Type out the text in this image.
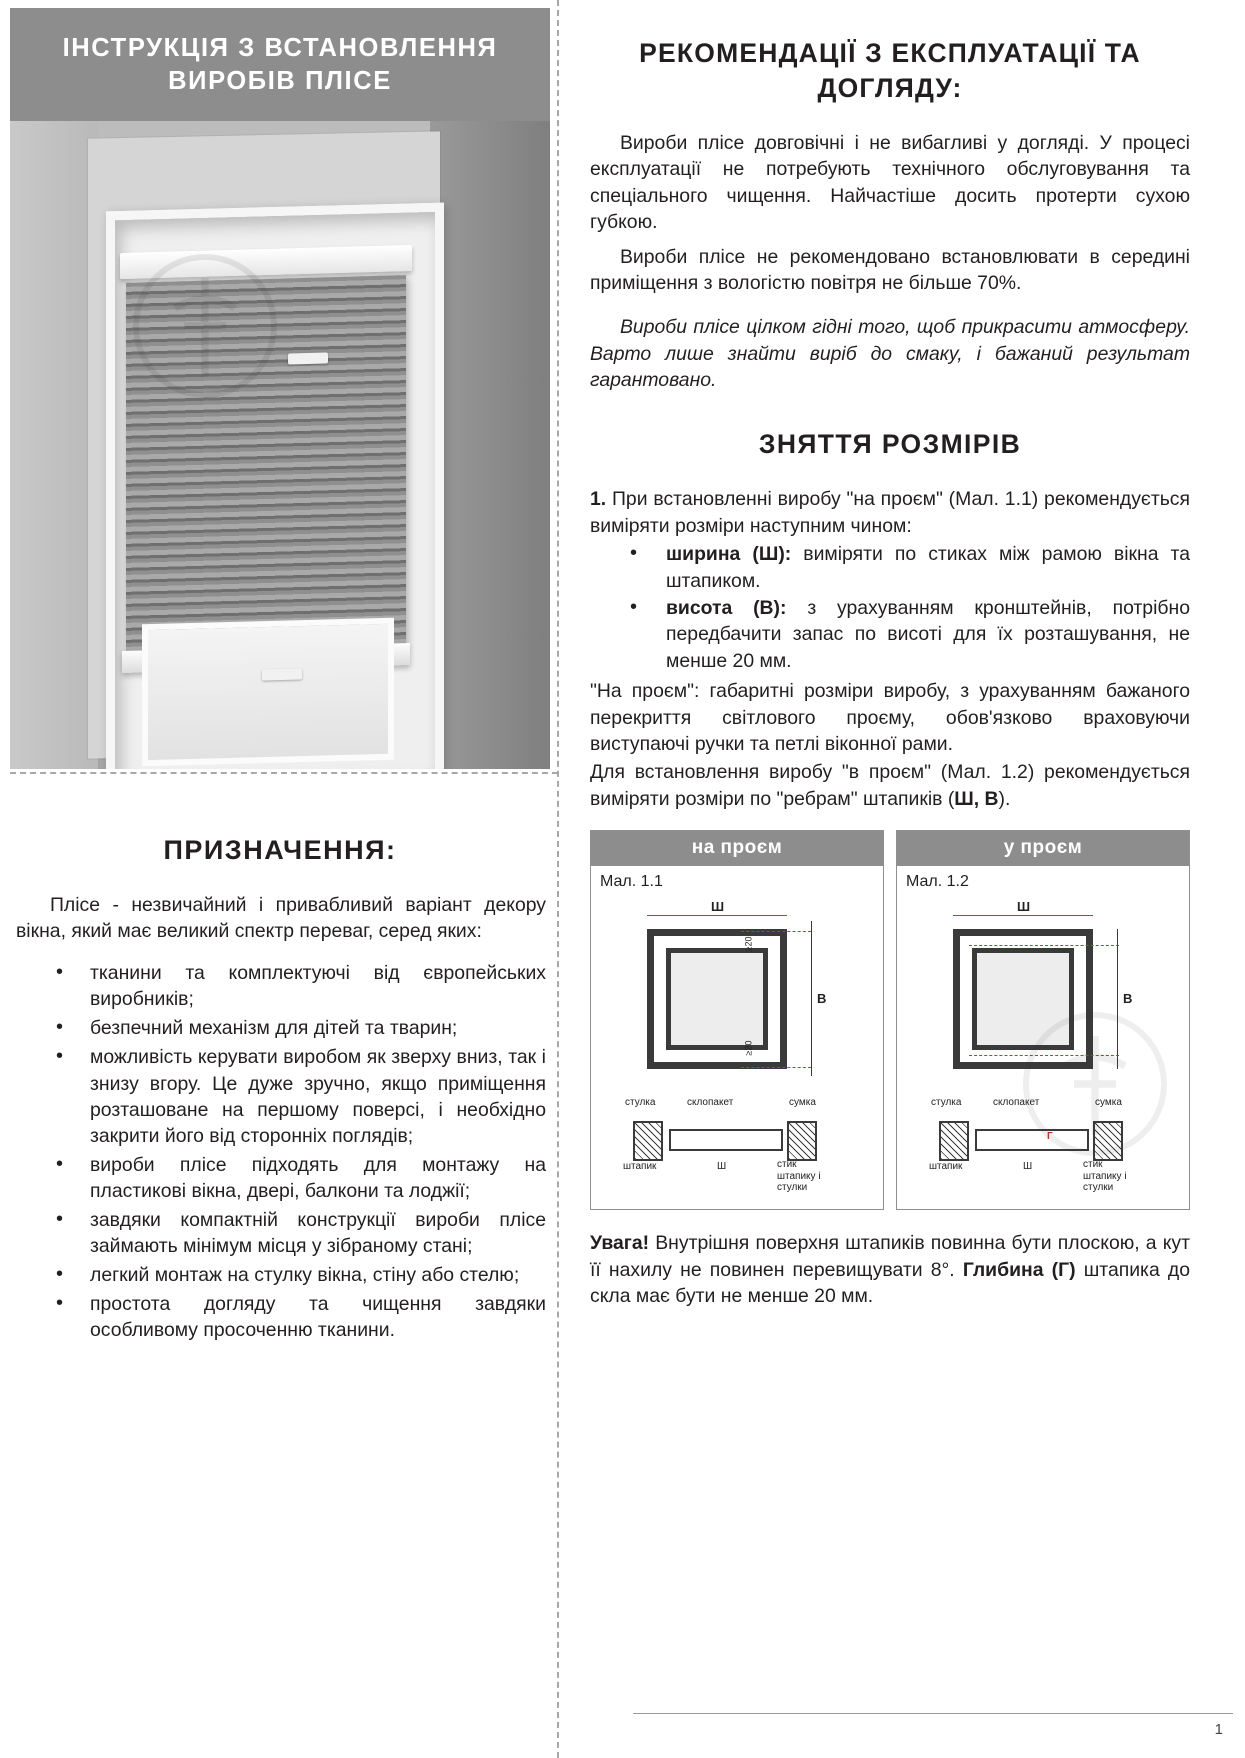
ІНСТРУКЦІЯ З ВСТАНОВЛЕННЯ ВИРОБІВ ПЛІCЕ
ПРИЗНАЧЕННЯ:
Пліcе - незвичайний і привабливий варіант декору вікна, який має великий спектр переваг, серед яких:
• тканини та комплектуючі від європейських виробників;
• безпечний механізм для дітей та тварин;
• можливість керувати виробом як зверху вниз, так і знизу вгору. Це дуже зручно, якщо приміщення розташоване на першому поверсі, і необхідно закрити його від сторонніх поглядів;
• вироби пліcе підходять для монтажу на пластикові вікна, двері, балкони та лоджії;
• завдяки компактній конструкції вироби пліcе займають мінімум місця у зібраному стані;
• легкий монтаж на стулку вікна, стіну або стелю;
• простота догляду та чищення завдяки особливому просоченню тканини.
РЕКОМЕНДАЦІЇ З ЕКСПЛУАТАЦІЇ ТА ДОГЛЯДУ:
Вироби пліcе довговічні і не вибагливі у догляді. У процесі експлуатації не потребують технічного обслуговування та спеціального чищення. Найчастіше досить протерти сухою губкою.
Вироби пліcе не рекомендовано встановлювати в середині приміщення з вологістю повітря не більше 70%.
Вироби пліcе цілком гідні того, щоб прикрасити атмосферу. Варто лише знайти виріб до смаку, і бажаний результат гарантовано.
ЗНЯТТЯ РОЗМІРІВ
1. При встановленні виробу "на проєм" (Мал. 1.1) рекомендується виміряти розміри наступним чином:
• ширина (Ш): виміряти по стиках між рамою вікна та штапиком.
• висота (В): з урахуванням кронштейнів, потрібно передбачити запас по висоті для їх розташування, не менше 20 мм.
"На проєм": габаритні розміри виробу, з урахуванням бажаного перекриття світлового проєму, обов'язково враховуючи виступаючі ручки та петлі віконної рами.
Для встановлення виробу "в проєм" (Мал. 1.2) рекомендується виміряти розміри по "ребрам" штапиків (Ш, В).
на проєм
Мал. 1.1
Ш
В
≥20
≥20
стулка	склопакет	сумка
штапик	Ш	стик штапику і стулки
у проєм
Мал. 1.2
Ш
В
стулка	склопакет	сумка
штапик	Ш	стик штапику і стулки
Г
Увага! Внутрішня поверхня штапиків повинна бути плоскою, а кут її нахилу не повинен перевищувати 8°. Глибина (Г) штапика до скла має бути не менше 20 мм.
1
